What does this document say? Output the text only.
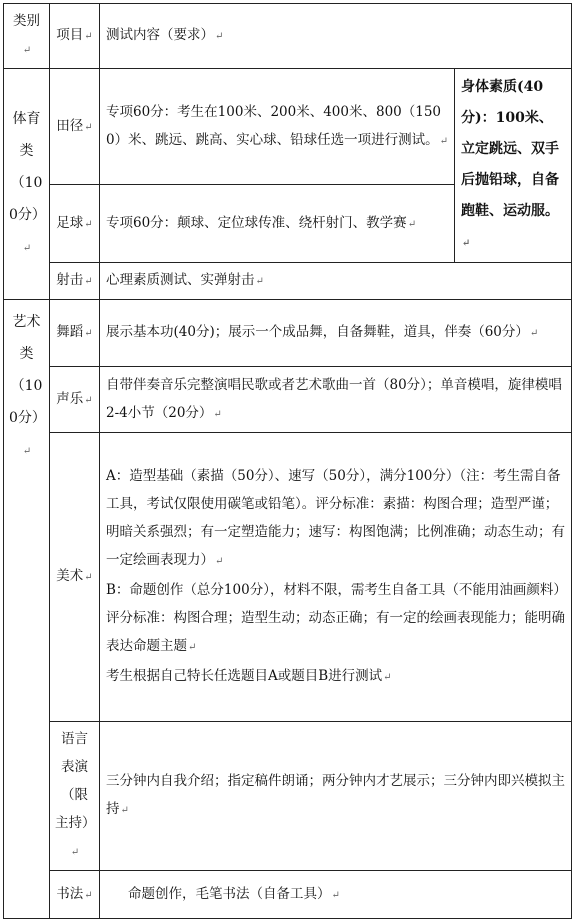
类别↵	项目↵	测试内容（要求）↵	
体育类（100分）↵	田径↵	专项60分：考生在100米、200米、400米、800（1500）米、跳远、跳高、实心球、铅球任选一项进行测试。↵	身体素质(40分)：100米、立定跳远、双手后抛铅球，自备跑鞋、运动服。↵
	足球↵	专项60分：颠球、定位球传准、绕杆射门、教学赛↵	
	射击↵	心理素质测试、实弹射击↵	
艺术类（100分）↵	舞蹈↵	展示基本功(40分)；展示一个成品舞，自备舞鞋，道具，伴奏（60分）↵	
	声乐↵	自带伴奏音乐完整演唱民歌或者艺术歌曲一首（80分）；单音模唱，旋律模唱2-4小节（20分）↵	
	美术↵	A：造型基础（素描（50分）、速写（50分），满分100分）（注：考生需自备工具，考试仅限使用碳笔或铅笔）。评分标准：素描：构图合理；造型严谨；明暗关系强烈；有一定塑造能力；速写：构图饱满；比例准确；动态生动；有一定绘画表现力）↵
B：命题创作（总分100分），材料不限，需考生自备工具（不能用油画颜料）评分标准：构图合理；造型生动；动态正确；有一定的绘画表现能力；能明确表达命题主题↵
考生根据自己特长任选题目A或题目B进行测试↵	

	语言表演（限主持）↵	三分钟内自我介绍；指定稿件朗诵；两分钟内才艺展示；三分钟内即兴模拟主持↵	
	书法↵	命题创作，毛笔书法（自备工具）↵	
